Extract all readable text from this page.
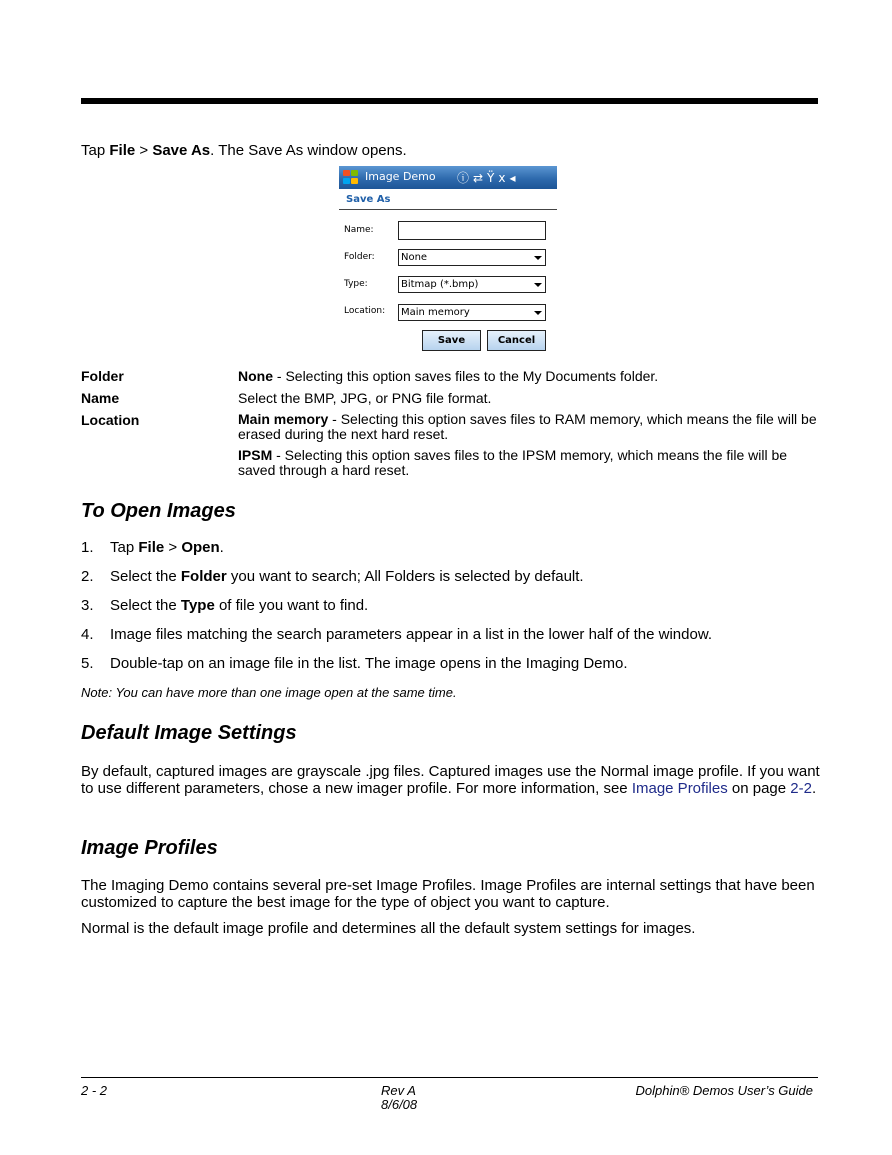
Tap File > Save As. The Save As window opens.

Image Demo ⓘ⇄Ÿx◂
Save As
Name:
Folder:	None
Type:	Bitmap (*.bmp)
Location:	Main memory
Save	Cancel
Folder	None - Selecting this option saves files to the My Documents folder.

Name	Select the BMP, JPG, or PNG file format.

Location	Main memory - Selecting this option saves files to RAM memory, which means the file will be erased during the next hard reset.

IPSM - Selecting this option saves files to the IPSM memory, which means the file will be saved through a hard reset.

To Open Images
1. Tap File > Open.
2. Select the Folder you want to search; All Folders is selected by default.
3. Select the Type of file you want to find.
4. Image files matching the search parameters appear in a list in the lower half of the window.
5. Double-tap on an image file in the list. The image opens in the Imaging Demo.
Note: You can have more than one image open at the same time.
Default Image Settings

By default, captured images are grayscale .jpg files. Captured images use the Normal image profile. If you want to use different parameters, chose a new imager profile. For more information, see Image Profiles on page 2-2.

Image Profiles

The Imaging Demo contains several pre-set Image Profiles. Image Profiles are internal settings that have been customized to capture the best image for the type of object you want to capture.

Normal is the default image profile and determines all the default system settings for images.

2 - 2	Rev A
8/6/08
Dolphin® Demos User’s Guide
